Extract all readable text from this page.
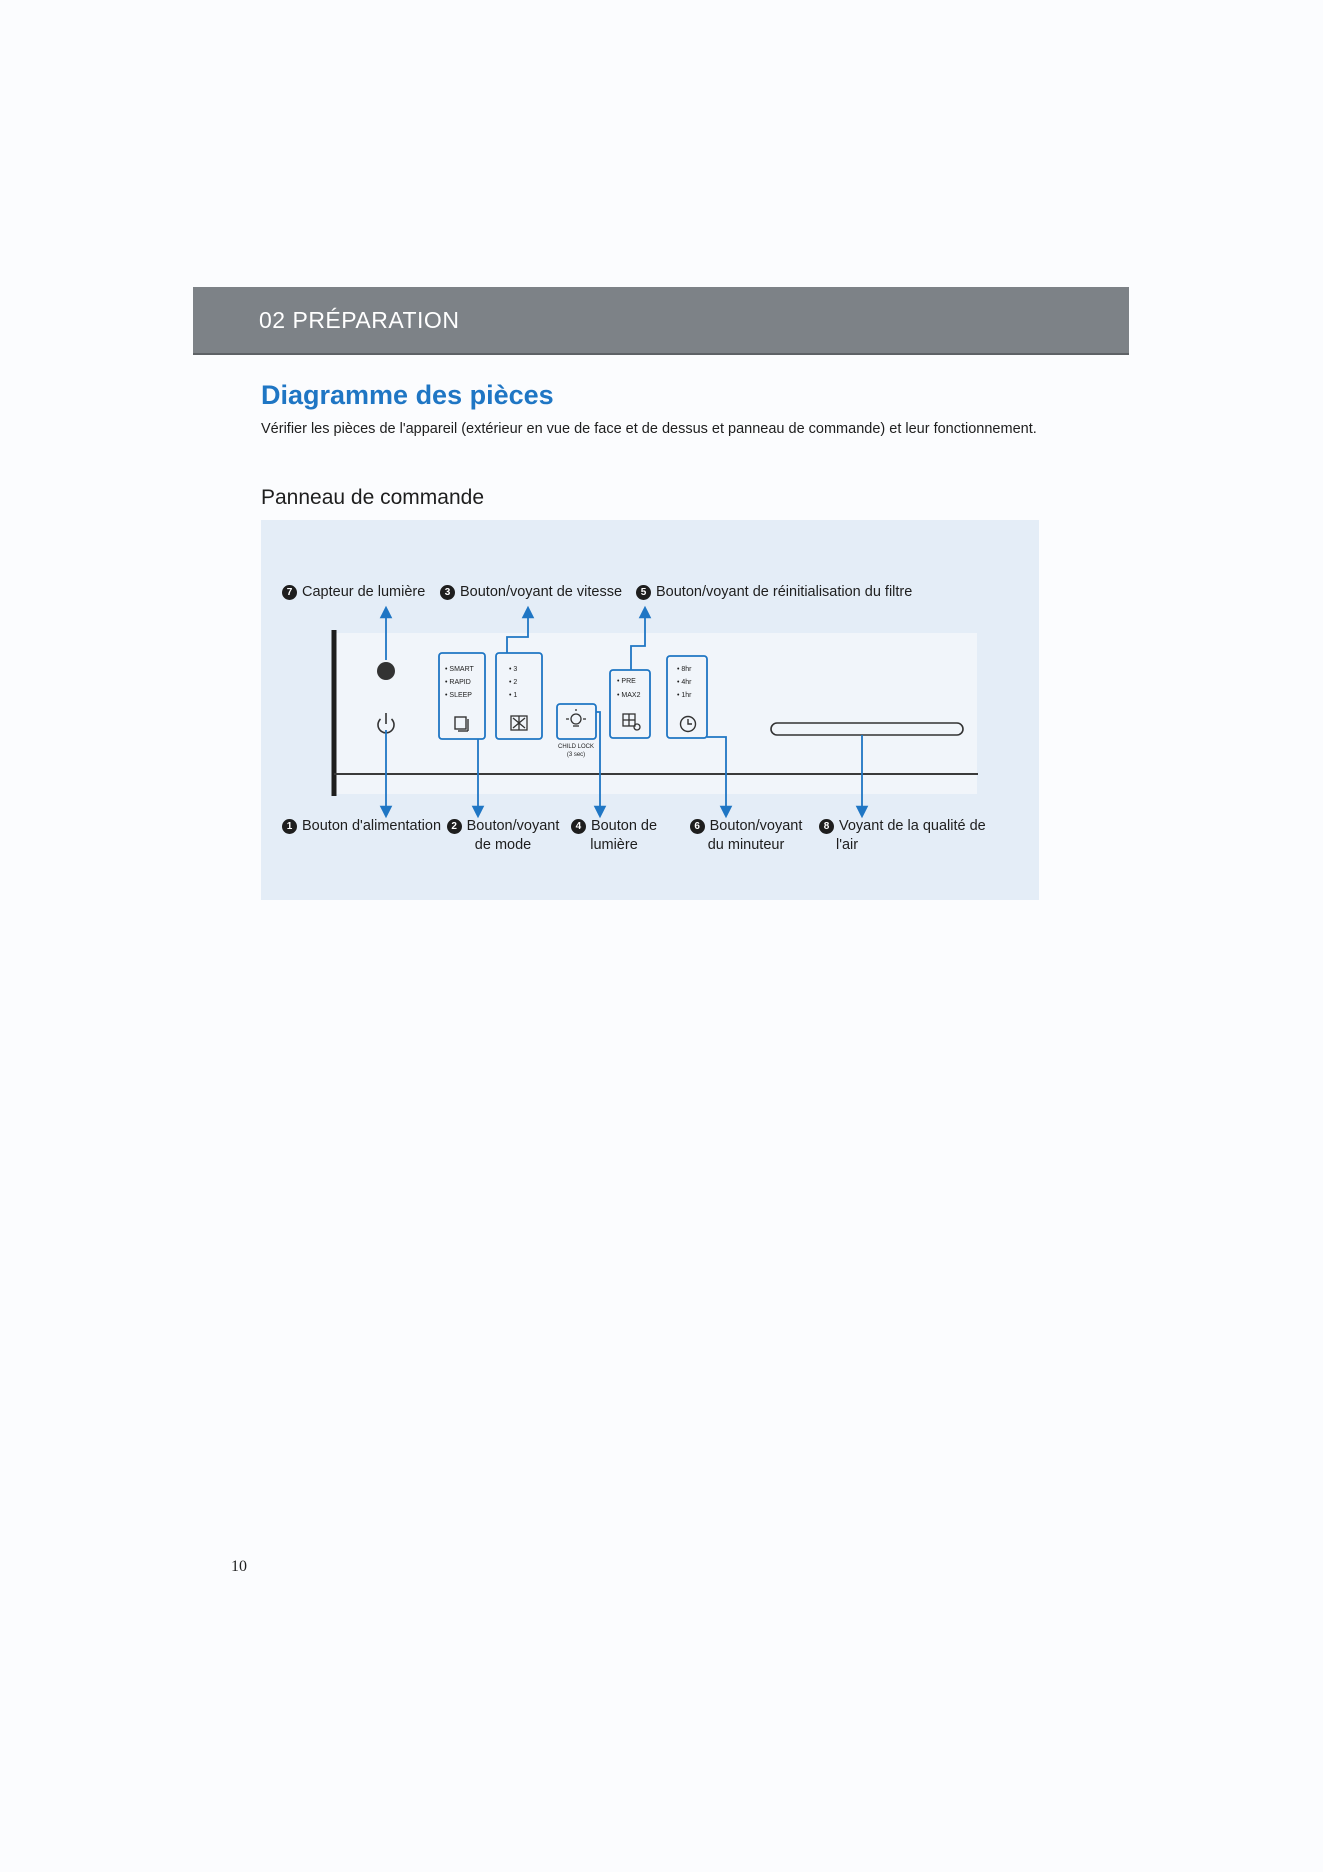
02 PRÉPARATION
Diagramme des pièces
Vérifier les pièces de l'appareil (extérieur en vue de face et de dessus et panneau de commande) et leur fonctionnement.
Panneau de commande
7 Capteur de lumière	3 Bouton/voyant de vitesse	5 Bouton/voyant de réinitialisation du filtre
1 Bouton d'alimentation	2 Bouton/voyant
de mode
4 Bouton de
lumière
6 Bouton/voyant
du minuteur
8 Voyant de la qualité de
l'air
• SMART
• RAPID
• SLEEP
• 3
• 2
• 1
CHILD LOCK
(3 sec)
• PRE
• MAX2
• 8hr
• 4hr
• 1hr
10
